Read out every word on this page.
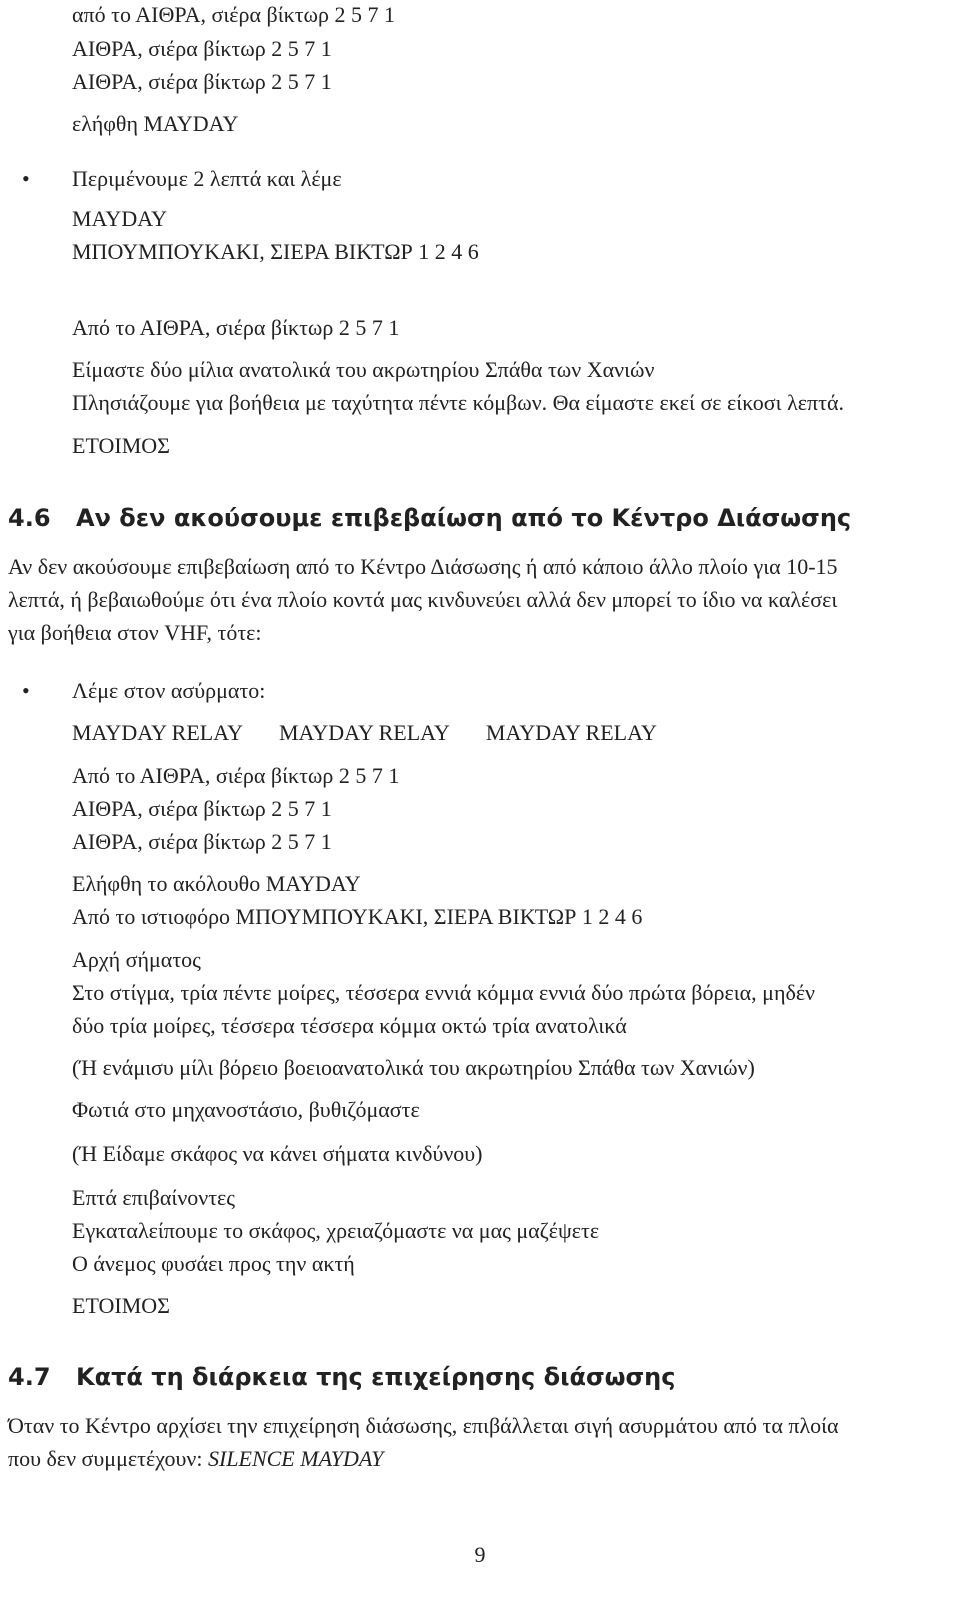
από το ΑΙΘΡΑ, σιέρα βίκτωρ 2 5 7 1

ΑΙΘΡΑ, σιέρα βίκτωρ 2 5 7 1

ΑΙΘΡΑ, σιέρα βίκτωρ 2 5 7 1

ελήφθη MAYDAY

• Περιμένουμε 2 λεπτά και λέμε

MAYDAY

ΜΠΟΥΜΠΟΥΚΑΚΙ, ΣΙΕΡΑ ΒΙΚΤΩΡ 1 2 4 6

Από το ΑΙΘΡΑ, σιέρα βίκτωρ 2 5 7 1

Είμαστε δύο μίλια ανατολικά του ακρωτηρίου Σπάθα των Χανιών

Πλησιάζουμε για βοήθεια με ταχύτητα πέντε κόμβων. Θα είμαστε εκεί σε είκοσι λεπτά.

ΕΤΟΙΜΟΣ

4.6 Αν δεν ακούσουμε επιβεβαίωση από το Κέντρο Διάσωσης

Αν δεν ακούσουμε επιβεβαίωση από το Κέντρο Διάσωσης ή από κάποιο άλλο πλοίο για 10-15

λεπτά, ή βεβαιωθούμε ότι ένα πλοίο κοντά μας κινδυνεύει αλλά δεν μπορεί το ίδιο να καλέσει

για βοήθεια στον VHF, τότε:

• Λέμε στον ασύρματο:

MAYDAY RELAY MAYDAY RELAY MAYDAY RELAY

Από το ΑΙΘΡΑ, σιέρα βίκτωρ 2 5 7 1

ΑΙΘΡΑ, σιέρα βίκτωρ 2 5 7 1

ΑΙΘΡΑ, σιέρα βίκτωρ 2 5 7 1

Ελήφθη το ακόλουθο MAYDAY

Από το ιστιοφόρο ΜΠΟΥΜΠΟΥΚΑΚΙ, ΣΙΕΡΑ ΒΙΚΤΩΡ 1 2 4 6

Αρχή σήματος

Στο στίγμα, τρία πέντε μοίρες, τέσσερα εννιά κόμμα εννιά δύο πρώτα βόρεια, μηδέν

δύο τρία μοίρες, τέσσερα τέσσερα κόμμα οκτώ τρία ανατολικά

(Ή ενάμισυ μίλι βόρειο βοειοανατολικά του ακρωτηρίου Σπάθα των Χανιών)

Φωτιά στο μηχανοστάσιο, βυθιζόμαστε

(Ή Είδαμε σκάφος να κάνει σήματα κινδύνου)

Επτά επιβαίνοντες

Εγκαταλείπουμε το σκάφος, χρειαζόμαστε να μας μαζέψετε

Ο άνεμος φυσάει προς την ακτή

ΕΤΟΙΜΟΣ

4.7 Κατά τη διάρκεια της επιχείρησης διάσωσης

Όταν το Κέντρο αρχίσει την επιχείρηση διάσωσης, επιβάλλεται σιγή ασυρμάτου από τα πλοία

που δεν συμμετέχουν: SILENCE MAYDAY

9
